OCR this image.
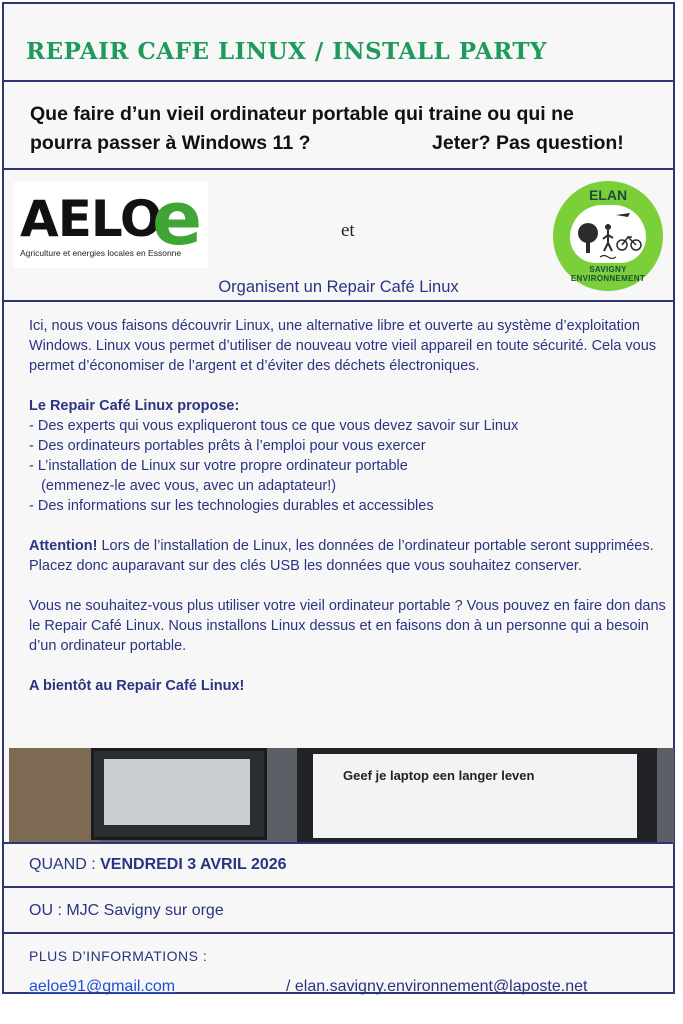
REPAIR CAFE LINUX / INSTALL PARTY
Que faire d’un vieil ordinateur portable qui traine ou qui ne
pourra passer à Windows 11 ?	Jeter? Pas question!
AELO
e
Agriculture et energies locales en Essonne
et
ELAN
SAVIGNY ENVIRONNEMENT
Organisent un Repair Café Linux

Ici, nous vous faisons découvrir Linux, une alternative libre et ouverte au système d’exploitation Windows. Linux vous permet d’utiliser de nouveau votre vieil appareil en toute sécurité. Cela vous permet d’économiser de l’argent et d’éviter des déchets électroniques.

Le Repair Café Linux propose:
- Des experts qui vous expliqueront tous ce que vous devez savoir sur Linux
- Des ordinateurs portables prêts à l’emploi pour vous exercer
- L’installation de Linux sur votre propre ordinateur portable
(emmenez-le avec vous, avec un adaptateur!)
- Des informations sur les technologies durables et accessibles

Attention! Lors de l’installation de Linux, les données de l’ordinateur portable seront supprimées. Placez donc auparavant sur des clés USB les données que vous souhaitez conserver.

Vous ne souhaitez-vous plus utiliser votre vieil ordinateur portable ? Vous pouvez en faire don dans le Repair Café Linux. Nous installons Linux dessus et en faisons don à un personne qui a besoin d’un ordinateur portable.

A bientôt au Repair Café Linux!

Geef je laptop een langer leven
QUAND : VENDREDI 3 AVRIL 2026
OU : MJC Savigny sur orge
PLUS D’INFORMATIONS :
aeloe91@gmail.com	/ elan.savigny.environnement@laposte.net
